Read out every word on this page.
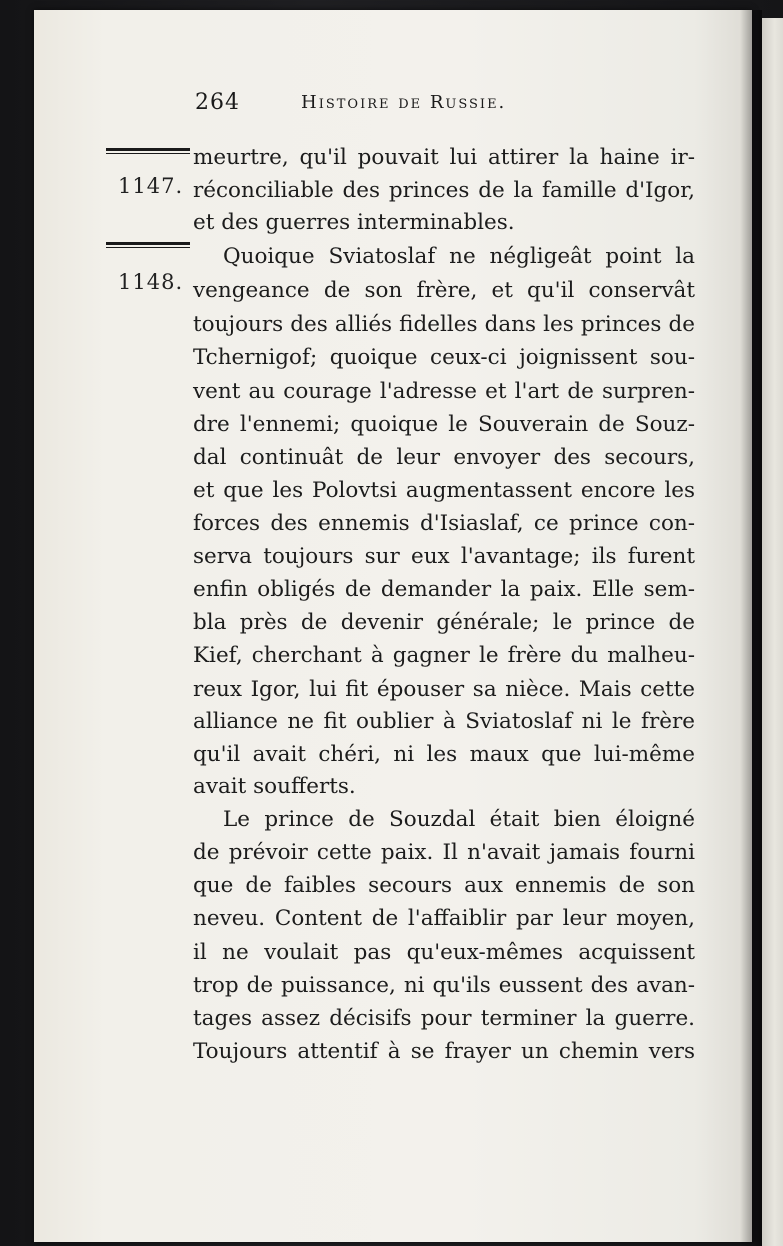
264	Histoire de Russie.
1147.
1148.
meurtre, qu'il pouvait lui attirer la haine ir-
réconciliable des princes de la famille d'Igor,
et des guerres interminables.
Quoique Sviatoslaf ne négligeât point la
vengeance de son frère, et qu'il conservât
toujours des alliés fidelles dans les princes de
Tchernigof; quoique ceux-ci joignissent sou-
vent au courage l'adresse et l'art de surpren-
dre l'ennemi; quoique le Souverain de Souz-
dal continuât de leur envoyer des secours,
et que les Polovtsi augmentassent encore les
forces des ennemis d'Isiaslaf, ce prince con-
serva toujours sur eux l'avantage; ils furent
enfin obligés de demander la paix. Elle sem-
bla près de devenir générale; le prince de
Kief, cherchant à gagner le frère du malheu-
reux Igor, lui fit épouser sa nièce. Mais cette
alliance ne fit oublier à Sviatoslaf ni le frère
qu'il avait chéri, ni les maux que lui-même
avait soufferts.
Le prince de Souzdal était bien éloigné
de prévoir cette paix. Il n'avait jamais fourni
que de faibles secours aux ennemis de son
neveu. Content de l'affaiblir par leur moyen,
il ne voulait pas qu'eux-mêmes acquissent
trop de puissance, ni qu'ils eussent des avan-
tages assez décisifs pour terminer la guerre.
Toujours attentif à se frayer un chemin vers
